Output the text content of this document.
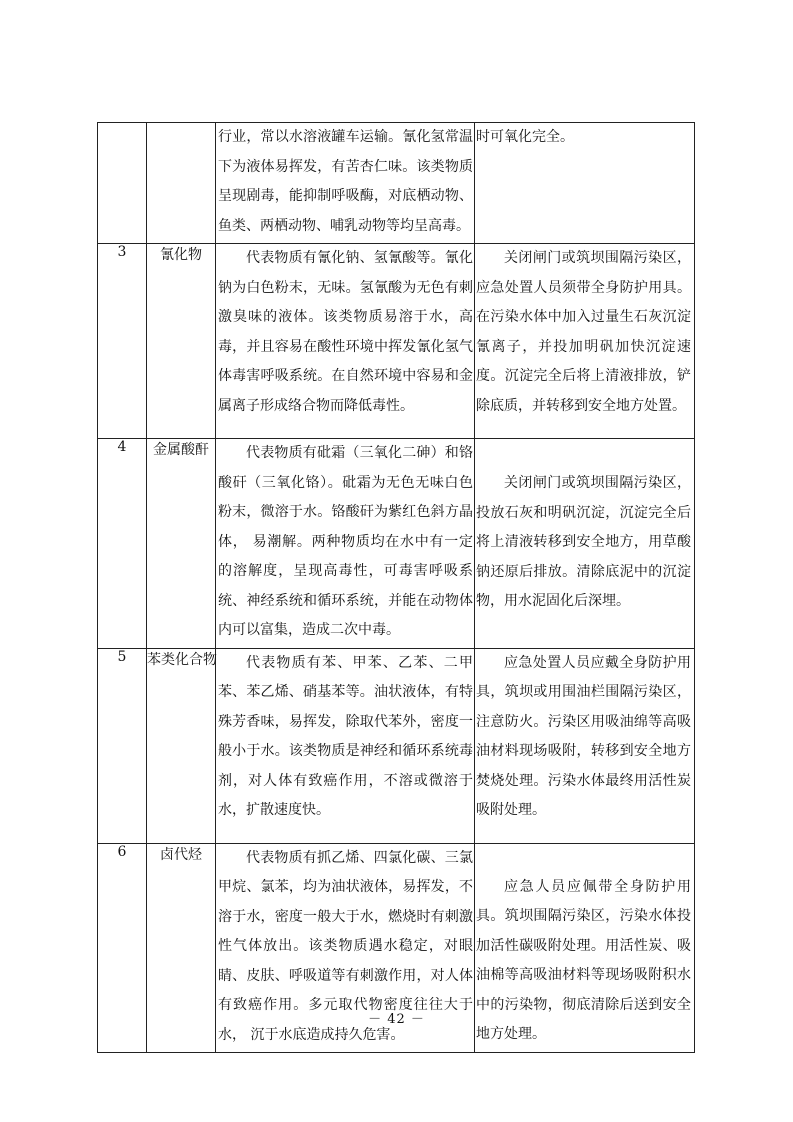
		行业，常以水溶液罐车运输。氰化氢常温下为液体易挥发，有苦杏仁味。该类物质呈现剧毒，能抑制呼吸酶，对底栖动物、鱼类、两栖动物、哺乳动物等均呈高毒。	时可氧化完全。

3	氰化物	代表物质有氰化钠、氢氰酸等。氰化钠为白色粉末，无味。氢氰酸为无色有刺激臭味的液体。该类物质易溶于水，高毒，并且容易在酸性环境中挥发氰化氢气体毒害呼吸系统。在自然环境中容易和金属离子形成络合物而降低毒性。	关闭闸门或筑坝围隔污染区，应急处置人员须带全身防护用具。在污染水体中加入过量生石灰沉淀氰离子，并投加明矾加快沉淀速度。沉淀完全后将上清液排放，铲除底质，并转移到安全地方处置。

4	金属酸酐	代表物质有砒霜（三氧化二砷）和铬酸矸（三氧化铬）。砒霜为无色无味白色粉末，微溶于水。铬酸矸为紫红色斜方晶体， 易潮解。两种物质均在水中有一定的溶解度，呈现高毒性，可毒害呼吸系统、神经系统和循环系统，并能在动物体内可以富集，造成二次中毒。	关闭闸门或筑坝围隔污染区，投放石灰和明矾沉淀，沉淀完全后将上清液转移到安全地方，用草酸钠还原后排放。清除底泥中的沉淀物，用水泥固化后深埋。

5	苯类化合物	代表物质有苯、甲苯、乙苯、二甲苯、苯乙烯、硝基苯等。油状液体，有特殊芳香味，易挥发，除取代苯外，密度一般小于水。该类物质是神经和循环系统毒剂，对人体有致癌作用，不溶或微溶于水，扩散速度快。	应急处置人员应戴全身防护用具，筑坝或用围油栏围隔污染区，注意防火。污染区用吸油绵等高吸油材料现场吸附，转移到安全地方焚烧处理。污染水体最终用活性炭吸附处理。

6	卤代烃	代表物质有抓乙烯、四氯化碳、三氯甲烷、氯苯，均为油状液体，易挥发，不溶于水，密度一般大于水，燃烧时有刺激性气体放出。该类物质遇水稳定，对眼睛、皮肤、呼吸道等有刺激作用，对人体有致癌作用。多元取代物密度往往大于水， 沉于水底造成持久危害。	应急人员应佩带全身防护用具。筑坝围隔污染区，污染水体投加活性碳吸附处理。用活性炭、吸油棉等高吸油材料等现场吸附积水中的污染物，彻底清除后送到安全地方处理。
－ 42 －
